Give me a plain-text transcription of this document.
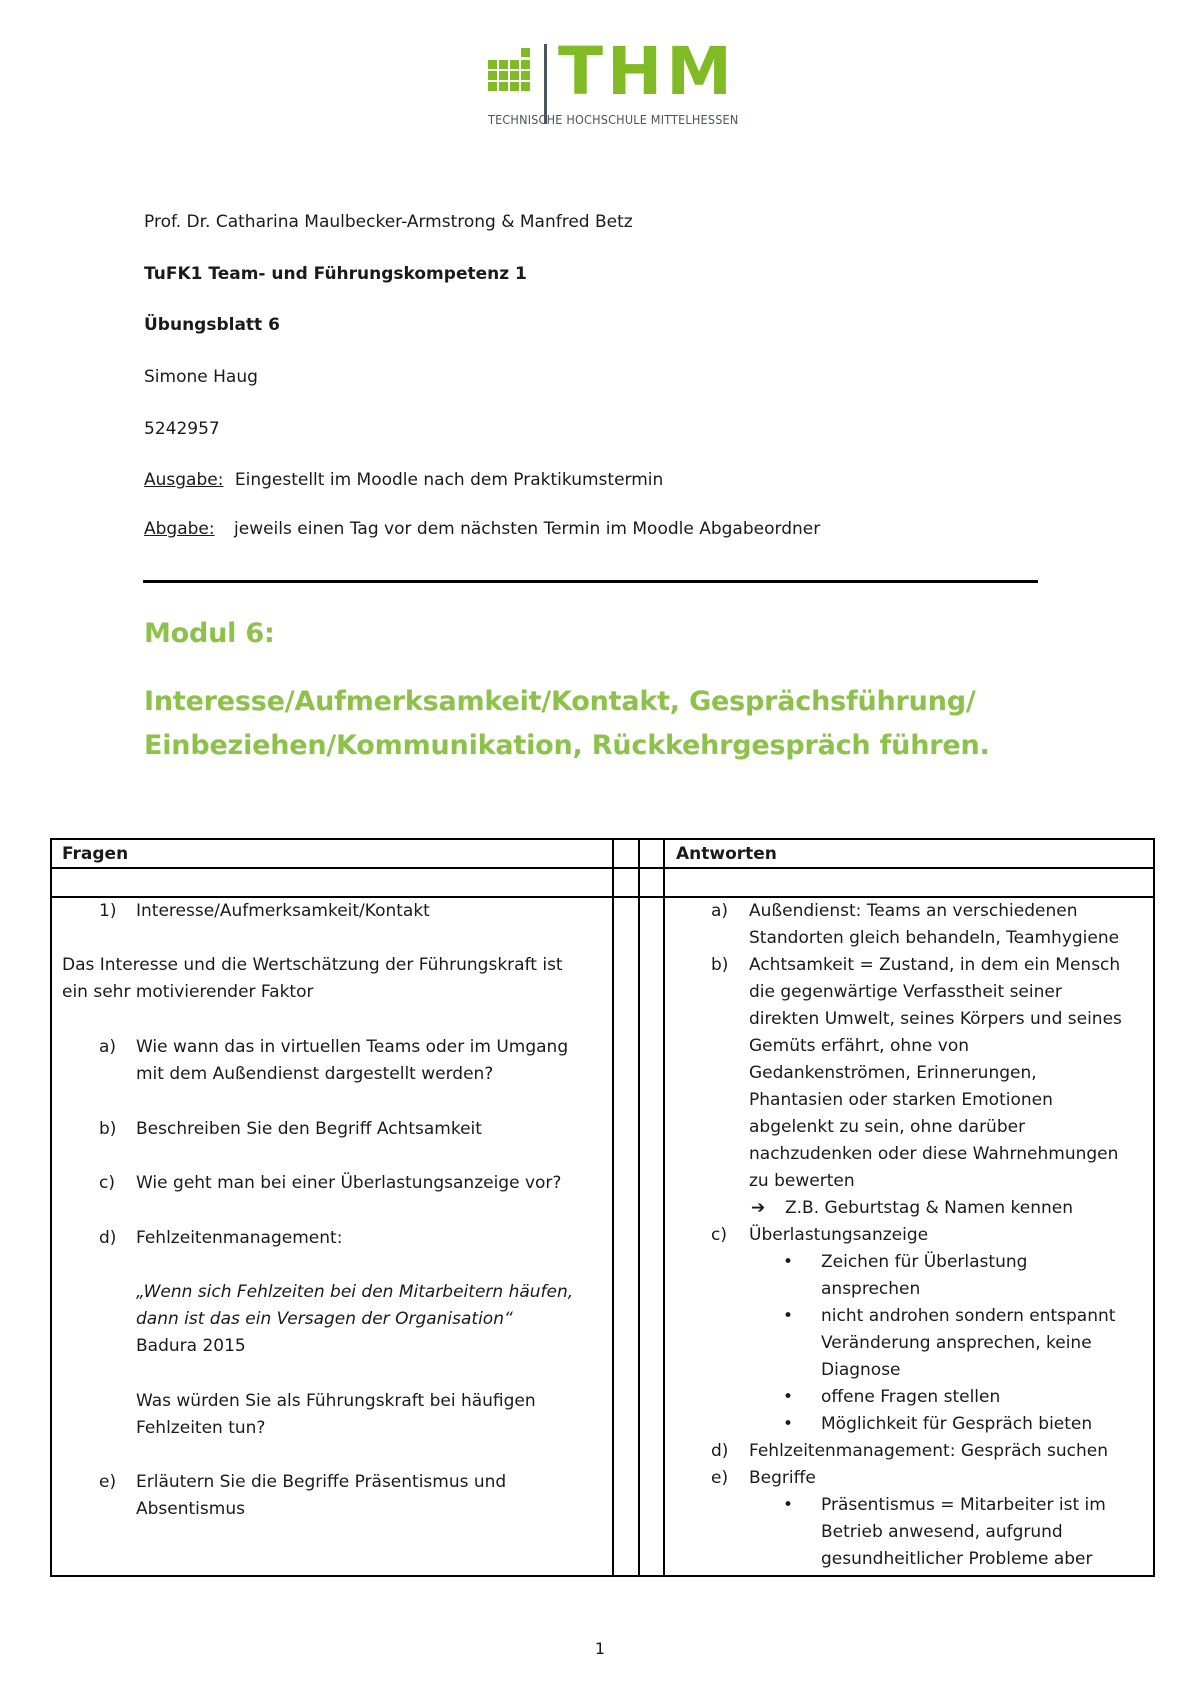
THM
TECHNISCHE HOCHSCHULE MITTELHESSEN
Prof. Dr. Catharina Maulbecker-Armstrong & Manfred Betz
TuFK1 Team- und Führungskompetenz 1
Übungsblatt 6
Simone Haug
5242957
Ausgabe: Eingestellt im Moodle nach dem Praktikumstermin
Abgabe: jeweils einen Tag vor dem nächsten Termin im Moodle Abgabeordner
Modul 6:
Interesse/Aufmerksamkeit/Kontakt, Gesprächsführung/
Einbeziehen/Kommunikation, Rückkehrgespräch führen.
Fragen	Antworten
1) Interesse/Aufmerksamkeit/Kontakt
Das Interesse und die Wertschätzung der Führungskraft ist
ein sehr motivierender Faktor
a) Wie wann das in virtuellen Teams oder im Umgang
mit dem Außendienst dargestellt werden?
b) Beschreiben Sie den Begriff Achtsamkeit
c) Wie geht man bei einer Überlastungsanzeige vor?
d) Fehlzeitenmanagement:
„Wenn sich Fehlzeiten bei den Mitarbeitern häufen,
dann ist das ein Versagen der Organisation“
Badura 2015
Was würden Sie als Führungskraft bei häufigen
Fehlzeiten tun?
e) Erläutern Sie die Begriffe Präsentismus und
Absentismus
a) Außendienst: Teams an verschiedenen
Standorten gleich behandeln, Teamhygiene
b) Achtsamkeit = Zustand, in dem ein Mensch
die gegenwärtige Verfasstheit seiner
direkten Umwelt, seines Körpers und seines
Gemüts erfährt, ohne von
Gedankenströmen, Erinnerungen,
Phantasien oder starken Emotionen
abgelenkt zu sein, ohne darüber
nachzudenken oder diese Wahrnehmungen
zu bewerten
➔ Z.B. Geburtstag & Namen kennen
c) Überlastungsanzeige
• Zeichen für Überlastung
ansprechen
• nicht androhen sondern entspannt
Veränderung ansprechen, keine
Diagnose
• offene Fragen stellen
• Möglichkeit für Gespräch bieten
d) Fehlzeitenmanagement: Gespräch suchen
e) Begriffe
• Präsentismus = Mitarbeiter ist im
Betrieb anwesend, aufgrund
gesundheitlicher Probleme aber
1
